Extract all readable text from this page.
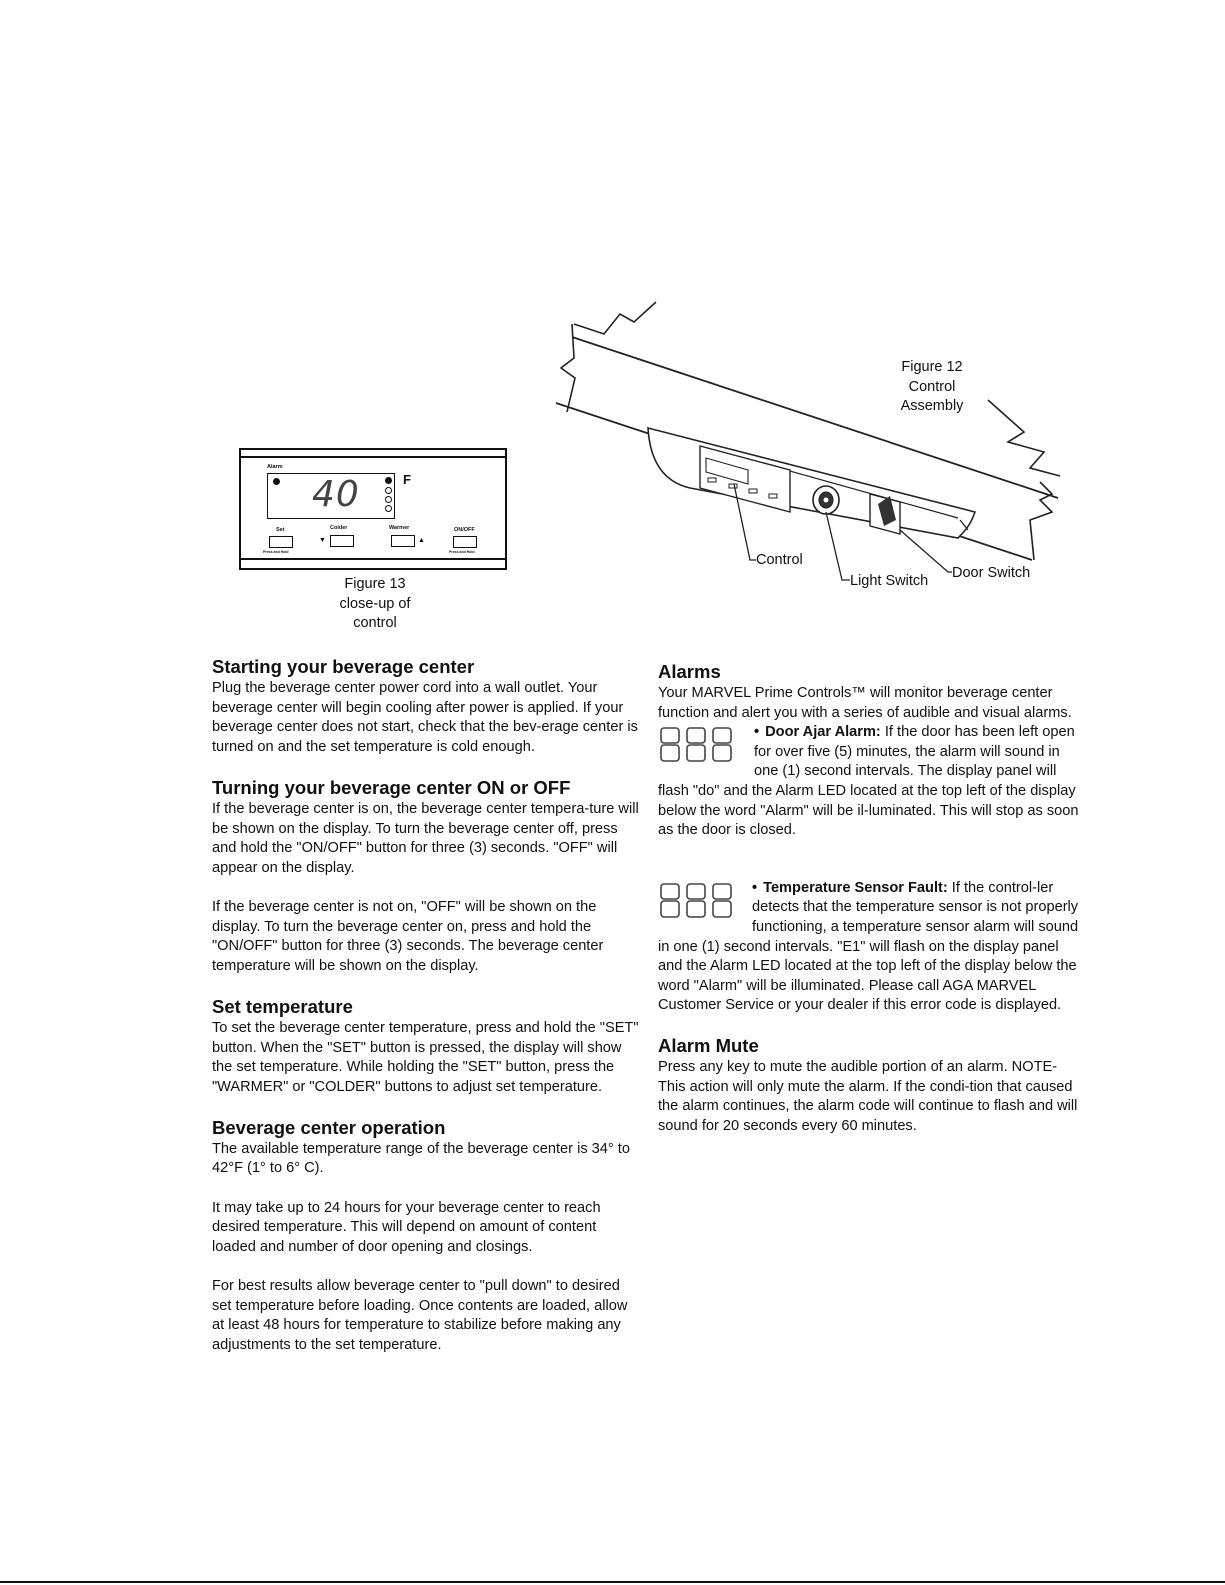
Figure 12
Control
Assembly
Control
Light Switch Door Switch
Alarm
40	F
Set
Press and Hold
Colder
▼
Warmer
▲
ON/OFF
Press and Hold
Figure 13
close-up of
control
Starting your beverage center

Plug the beverage center power cord into a wall outlet. Your beverage center will begin cooling after power is applied. If your beverage center does not start, check that the bev-erage center is turned on and the set temperature is cold enough.

Turning your beverage center ON or OFF

If the beverage center is on, the beverage center tempera-ture will be shown on the display. To turn the beverage center off, press and hold the "ON/OFF" button for three (3) seconds. "OFF" will appear on the display.

If the beverage center is not on, "OFF" will be shown on the display. To turn the beverage center on, press and hold the "ON/OFF" button for three (3) seconds. The beverage center temperature will be shown on the display.

Set temperature

To set the beverage center temperature, press and hold the "SET" button. When the "SET" button is pressed, the display will show the set temperature. While holding the "SET" button, press the "WARMER" or "COLDER" buttons to adjust set temperature.

Beverage center operation

The available temperature range of the beverage center is 34° to 42°F (1° to 6° C).

It may take up to 24 hours for your beverage center to reach desired temperature. This will depend on amount of content loaded and number of door opening and closings.

For best results allow beverage center to "pull down" to desired set temperature before loading. Once contents are loaded, allow at least 48 hours for temperature to stabilize before making any adjustments to the set temperature.

Alarms

Your MARVEL Prime Controls™ will monitor beverage center function and alert you with a series of audible and visual alarms.

• Door Ajar Alarm: If the door has been left open for over five (5) minutes, the alarm will sound in one (1) second intervals. The display panel will flash "do" and the Alarm LED located at the top left of the display below the word "Alarm" will be il-luminated. This will stop as soon as the door is closed.
• Temperature Sensor Fault: If the control-ler detects that the temperature sensor is not properly functioning, a temperature sensor alarm will sound in one (1) second intervals. "E1" will flash on the display panel and the Alarm LED located at the top left of the display below the word "Alarm" will be illuminated. Please call AGA MARVEL Customer Service or your dealer if this error code is displayed.
Alarm Mute

Press any key to mute the audible portion of an alarm. NOTE-This action will only mute the alarm. If the condi-tion that caused the alarm continues, the alarm code will continue to flash and will sound for 20 seconds every 60 minutes.
